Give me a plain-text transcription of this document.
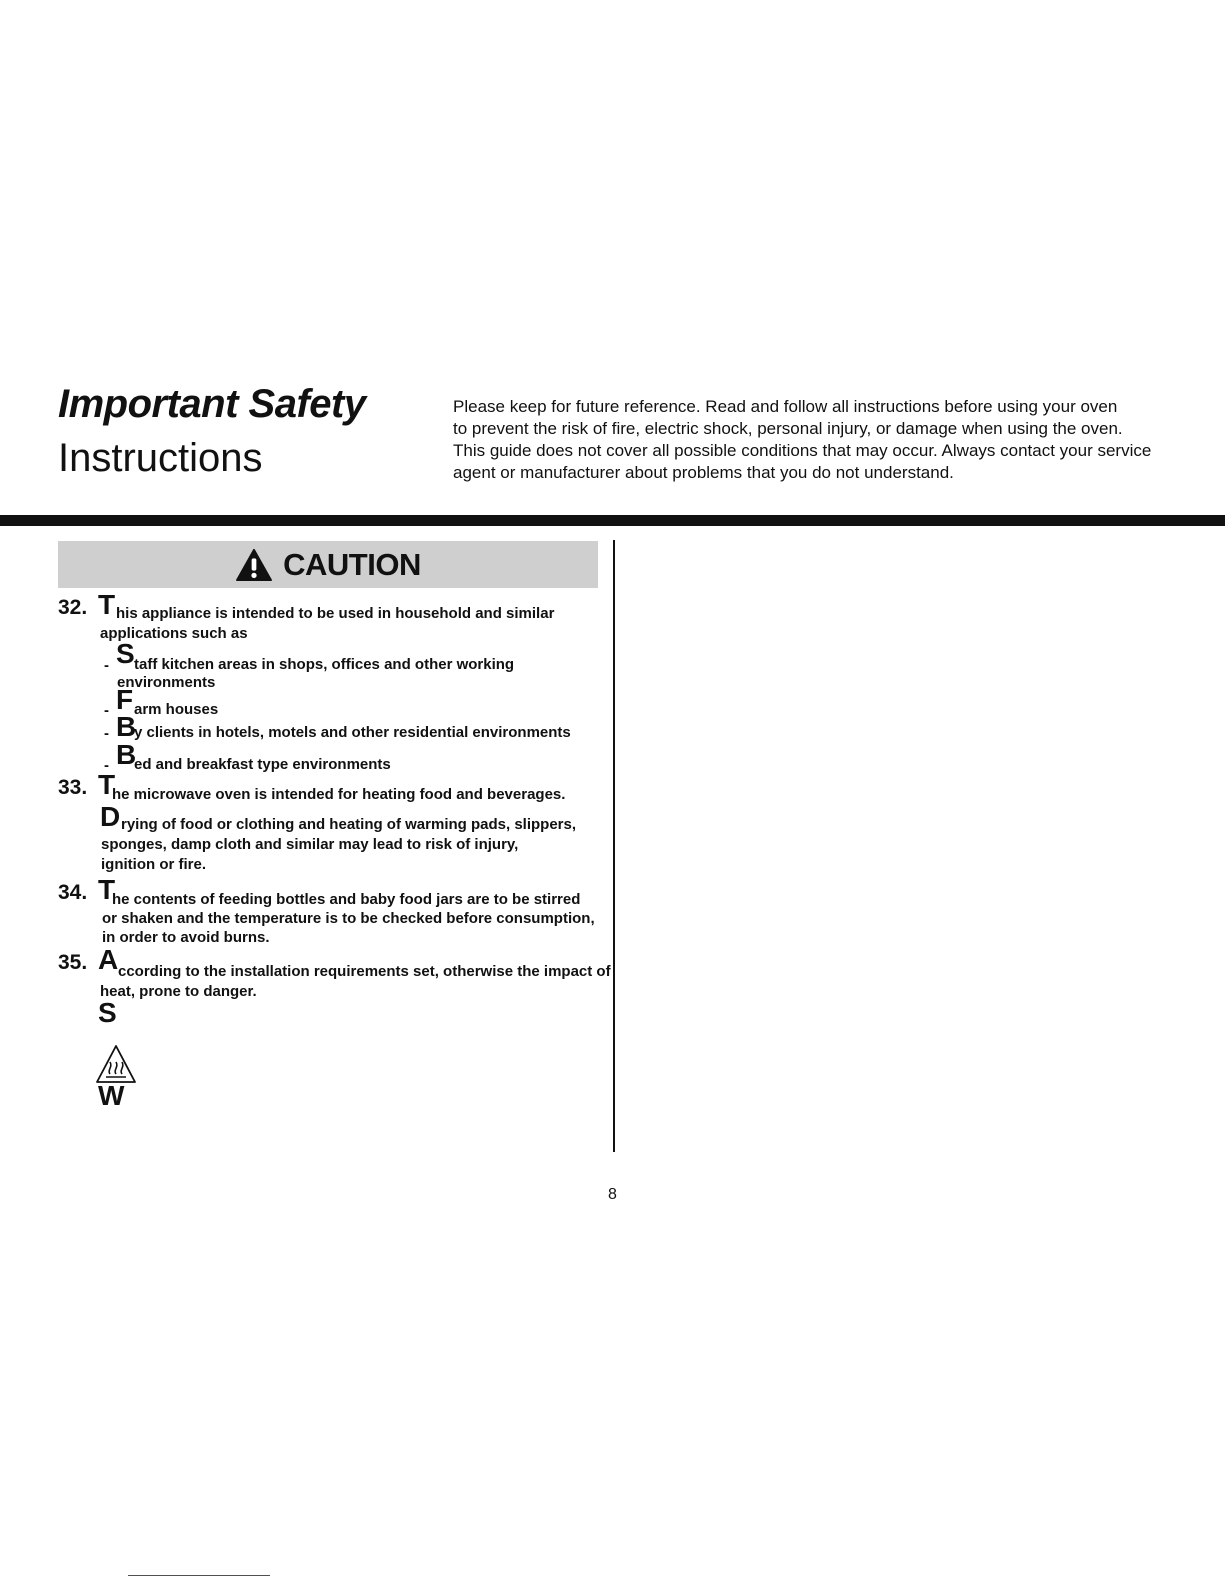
Important Safety
Instructions

Please keep for future reference. Read and follow all instructions before using your oven
to prevent the risk of fire, electric shock, personal injury, or damage when using the oven.
This guide does not cover all possible conditions that may occur. Always contact your service
agent or manufacturer about problems that you do not understand.

CAUTION
32. T his appliance is intended to be used in household and similar
applications such as
- S taff kitchen areas in shops, offices and other working
environments
- F arm houses
- B
y clients in hotels, motels and other residential environments
- B
ed and breakfast type environments
33. T
he microwave oven is intended for heating food and beverages.
D rying of food or clothing and heating of warming pads, slippers,
sponges, damp cloth and similar may lead to risk of injury,
ignition or fire.
34. T
he contents of feeding bottles and baby food jars are to be stirred
or shaken and the temperature is to be checked before consumption,
in order to avoid burns.
35. A ccording to the installation requirements set, otherwise the impact of
heat, prone to danger.
S
W
8
